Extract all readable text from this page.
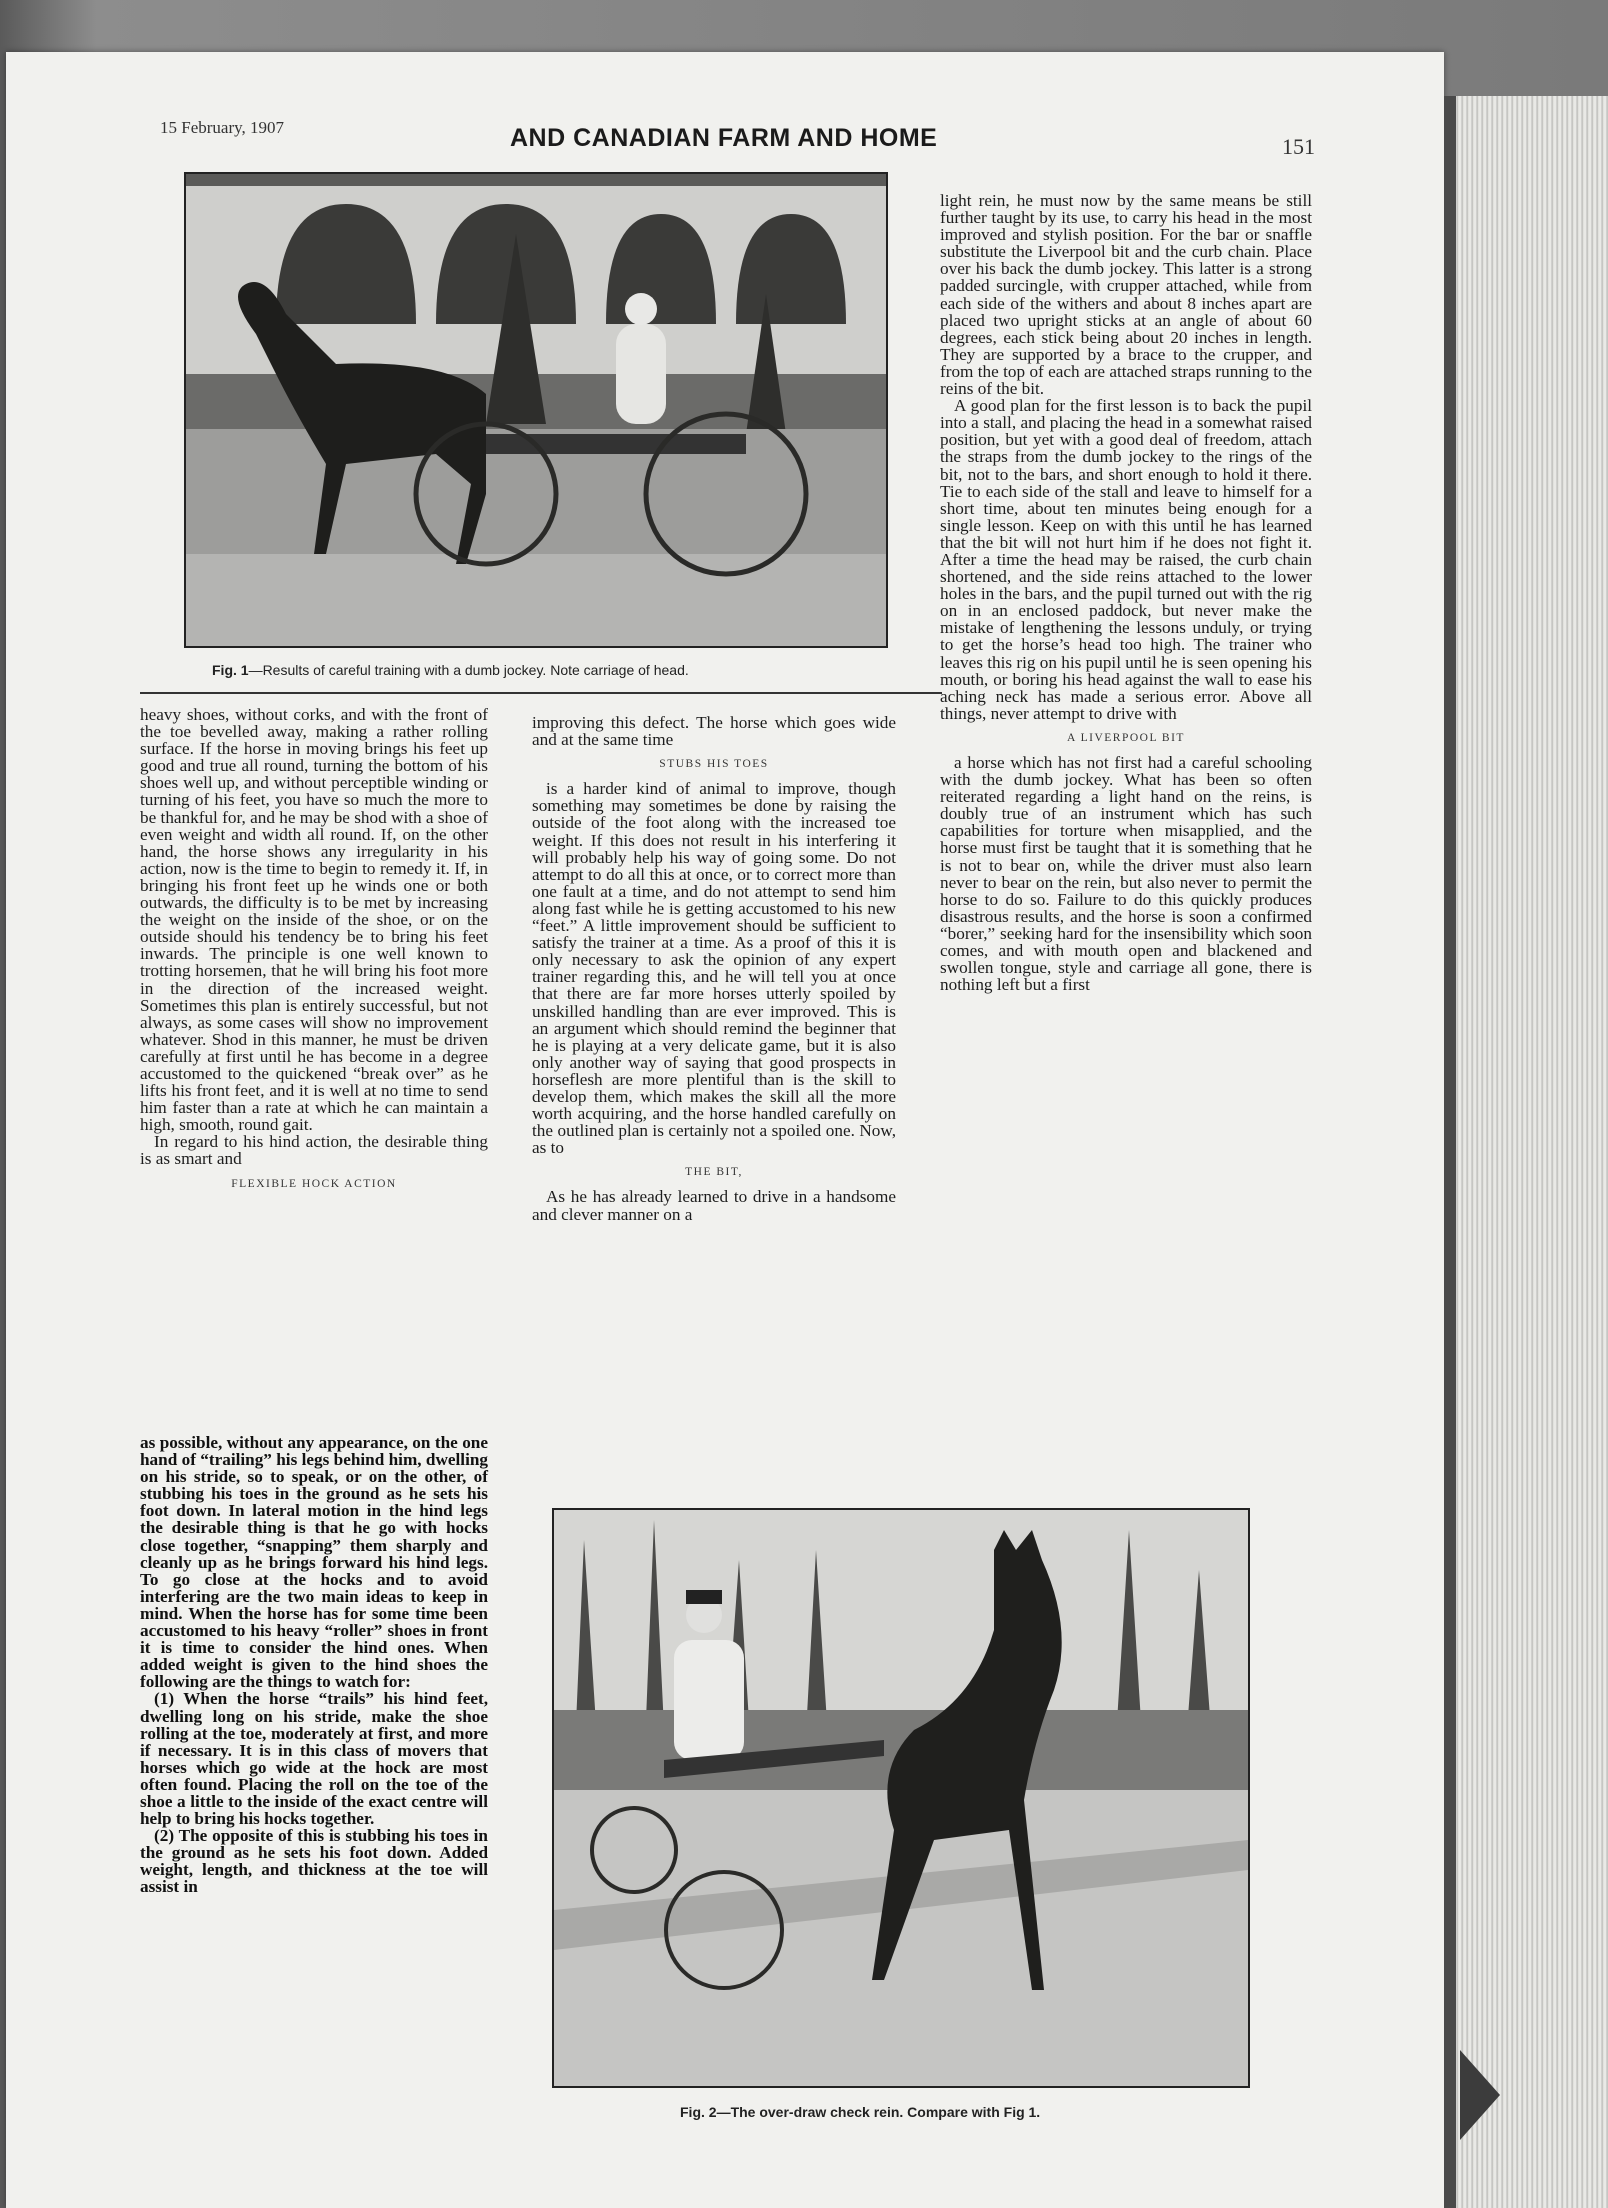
15 February, 1907	AND CANADIAN FARM AND HOME	151
Fig. 1—Results of careful training with a dumb jockey. Note carriage of head.

heavy shoes, without corks, and with the front of the toe bevelled away, making a rather rolling surface. If the horse in moving brings his feet up good and true all round, turning the bottom of his shoes well up, and without perceptible winding or turning of his feet, you have so much the more to be thankful for, and he may be shod with a shoe of even weight and width all round. If, on the other hand, the horse shows any irregularity in his action, now is the time to begin to remedy it. If, in bringing his front feet up he winds one or both outwards, the difficulty is to be met by increasing the weight on the inside of the shoe, or on the outside should his tendency be to bring his feet inwards. The principle is one well known to trotting horsemen, that he will bring his foot more in the direction of the increased weight. Sometimes this plan is entirely successful, but not always, as some cases will show no improvement whatever. Shod in this manner, he must be driven carefully at first until he has become in a degree accustomed to the quickened “break over” as he lifts his front feet, and it is well at no time to send him faster than a rate at which he can maintain a high, smooth, round gait.

In regard to his hind action, the desirable thing is as smart and

FLEXIBLE HOCK ACTION

as possible, without any appearance, on the one hand of “trailing” his legs behind him, dwelling on his stride, so to speak, or on the other, of stubbing his toes in the ground as he sets his foot down. In lateral motion in the hind legs the desirable thing is that he go with hocks close together, “snapping” them sharply and cleanly up as he brings forward his hind legs. To go close at the hocks and to avoid interfering are the two main ideas to keep in mind. When the horse has for some time been accustomed to his heavy “roller” shoes in front it is time to consider the hind ones. When added weight is given to the hind shoes the following are the things to watch for:

(1) When the horse “trails” his hind feet, dwelling long on his stride, make the shoe rolling at the toe, moderately at first, and more if necessary. It is in this class of movers that horses which go wide at the hock are most often found. Placing the roll on the toe of the shoe a little to the inside of the exact centre will help to bring his hocks together.

(2) The opposite of this is stubbing his toes in the ground as he sets his foot down. Added weight, length, and thickness at the toe will assist in

improving this defect. The horse which goes wide and at the same time

STUBS HIS TOES

is a harder kind of animal to improve, though something may sometimes be done by raising the outside of the foot along with the increased toe weight. If this does not result in his interfering it will probably help his way of going some. Do not attempt to do all this at once, or to correct more than one fault at a time, and do not attempt to send him along fast while he is getting accustomed to his new “feet.” A little improvement should be sufficient to satisfy the trainer at a time. As a proof of this it is only necessary to ask the opinion of any expert trainer regarding this, and he will tell you at once that there are far more horses utterly spoiled by unskilled handling than are ever improved. This is an argument which should remind the beginner that he is playing at a very delicate game, but it is also only another way of saying that good prospects in horseflesh are more plentiful than is the skill to develop them, which makes the skill all the more worth acquiring, and the horse handled carefully on the outlined plan is certainly not a spoiled one. Now, as to

THE BIT,

As he has already learned to drive in a handsome and clever manner on a

light rein, he must now by the same means be still further taught by its use, to carry his head in the most improved and stylish position. For the bar or snaffle substitute the Liverpool bit and the curb chain. Place over his back the dumb jockey. This latter is a strong padded surcingle, with crupper attached, while from each side of the withers and about 8 inches apart are placed two upright sticks at an angle of about 60 degrees, each stick being about 20 inches in length. They are supported by a brace to the crupper, and from the top of each are attached straps running to the reins of the bit.

A good plan for the first lesson is to back the pupil into a stall, and placing the head in a somewhat raised position, but yet with a good deal of freedom, attach the straps from the dumb jockey to the rings of the bit, not to the bars, and short enough to hold it there. Tie to each side of the stall and leave to himself for a short time, about ten minutes being enough for a single lesson. Keep on with this until he has learned that the bit will not hurt him if he does not fight it. After a time the head may be raised, the curb chain shortened, and the side reins attached to the lower holes in the bars, and the pupil turned out with the rig on in an enclosed paddock, but never make the mistake of lengthening the lessons unduly, or trying to get the horse’s head too high. The trainer who leaves this rig on his pupil until he is seen opening his mouth, or boring his head against the wall to ease his aching neck has made a serious error. Above all things, never attempt to drive with

A LIVERPOOL BIT

a horse which has not first had a careful schooling with the dumb jockey. What has been so often reiterated regarding a light hand on the reins, is doubly true of an instrument which has such capabilities for torture when misapplied, and the horse must first be taught that it is something that he is not to bear on, while the driver must also learn never to bear on the rein, but also never to permit the horse to do so. Failure to do this quickly produces disastrous results, and the horse is soon a confirmed “borer,” seeking hard for the insensibility which soon comes, and with mouth open and blackened and swollen tongue, style and carriage all gone, there is nothing left but a first

Fig. 2—The over-draw check rein. Compare with Fig 1.
